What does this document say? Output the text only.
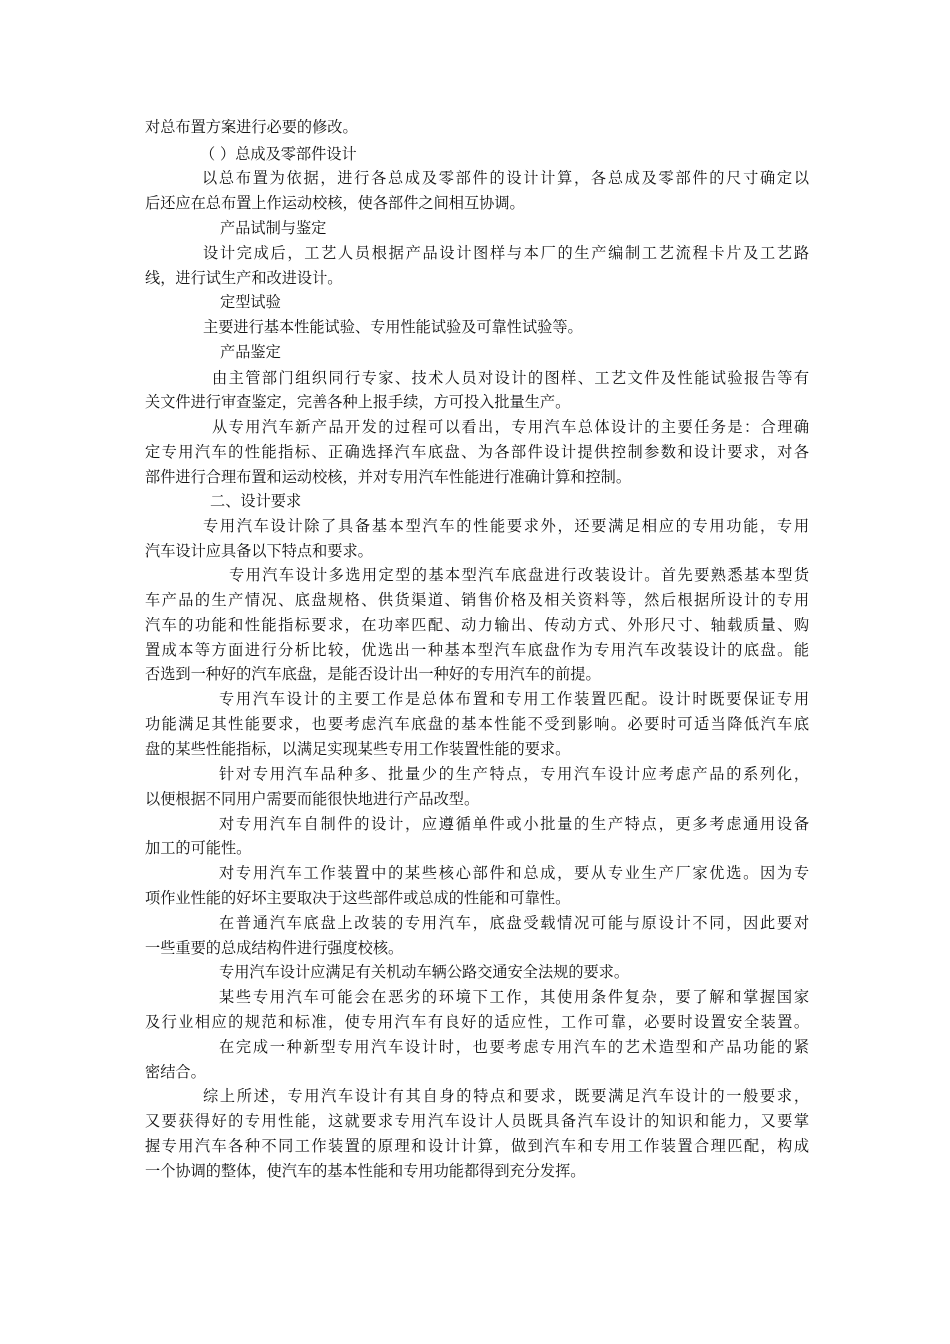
对总布置方案进行必要的修改。
（ ）总成及零部件设计
以总布置为依据，进行各总成及零部件的设计计算，各总成及零部件的尺寸确定以
后还应在总布置上作运动校核，使各部件之间相互协调。
产品试制与鉴定
设计完成后，工艺人员根据产品设计图样与本厂的生产编制工艺流程卡片及工艺路
线，进行试生产和改进设计。
定型试验
主要进行基本性能试验、专用性能试验及可靠性试验等。
产品鉴定
由主管部门组织同行专家、技术人员对设计的图样、工艺文件及性能试验报告等有
关文件进行审查鉴定，完善各种上报手续，方可投入批量生产。
从专用汽车新产品开发的过程可以看出，专用汽车总体设计的主要任务是：合理确
定专用汽车的性能指标、正确选择汽车底盘、为各部件设计提供控制参数和设计要求，对各
部件进行合理布置和运动校核，并对专用汽车性能进行准确计算和控制。
二、设计要求
专用汽车设计除了具备基本型汽车的性能要求外，还要满足相应的专用功能，专用
汽车设计应具备以下特点和要求。
专用汽车设计多选用定型的基本型汽车底盘进行改装设计。首先要熟悉基本型货
车产品的生产情况、底盘规格、供货渠道、销售价格及相关资料等，然后根据所设计的专用
汽车的功能和性能指标要求，在功率匹配、动力输出、传动方式、外形尺寸、轴载质量、购
置成本等方面进行分析比较，优选出一种基本型汽车底盘作为专用汽车改装设计的底盘。能
否选到一种好的汽车底盘，是能否设计出一种好的专用汽车的前提。
专用汽车设计的主要工作是总体布置和专用工作装置匹配。设计时既要保证专用
功能满足其性能要求，也要考虑汽车底盘的基本性能不受到影响。必要时可适当降低汽车底
盘的某些性能指标，以满足实现某些专用工作装置性能的要求。
针对专用汽车品种多、批量少的生产特点，专用汽车设计应考虑产品的系列化，
以便根据不同用户需要而能很快地进行产品改型。
对专用汽车自制件的设计，应遵循单件或小批量的生产特点，更多考虑通用设备
加工的可能性。
对专用汽车工作装置中的某些核心部件和总成，要从专业生产厂家优选。因为专
项作业性能的好坏主要取决于这些部件或总成的性能和可靠性。
在普通汽车底盘上改装的专用汽车，底盘受载情况可能与原设计不同，因此要对
一些重要的总成结构件进行强度校核。
专用汽车设计应满足有关机动车辆公路交通安全法规的要求。
某些专用汽车可能会在恶劣的环境下工作，其使用条件复杂，要了解和掌握国家
及行业相应的规范和标准，使专用汽车有良好的适应性，工作可靠，必要时设置安全装置。
在完成一种新型专用汽车设计时，也要考虑专用汽车的艺术造型和产品功能的紧
密结合。
综上所述，专用汽车设计有其自身的特点和要求，既要满足汽车设计的一般要求，
又要获得好的专用性能，这就要求专用汽车设计人员既具备汽车设计的知识和能力，又要掌
握专用汽车各种不同工作装置的原理和设计计算，做到汽车和专用工作装置合理匹配，构成
一个协调的整体，使汽车的基本性能和专用功能都得到充分发挥。
